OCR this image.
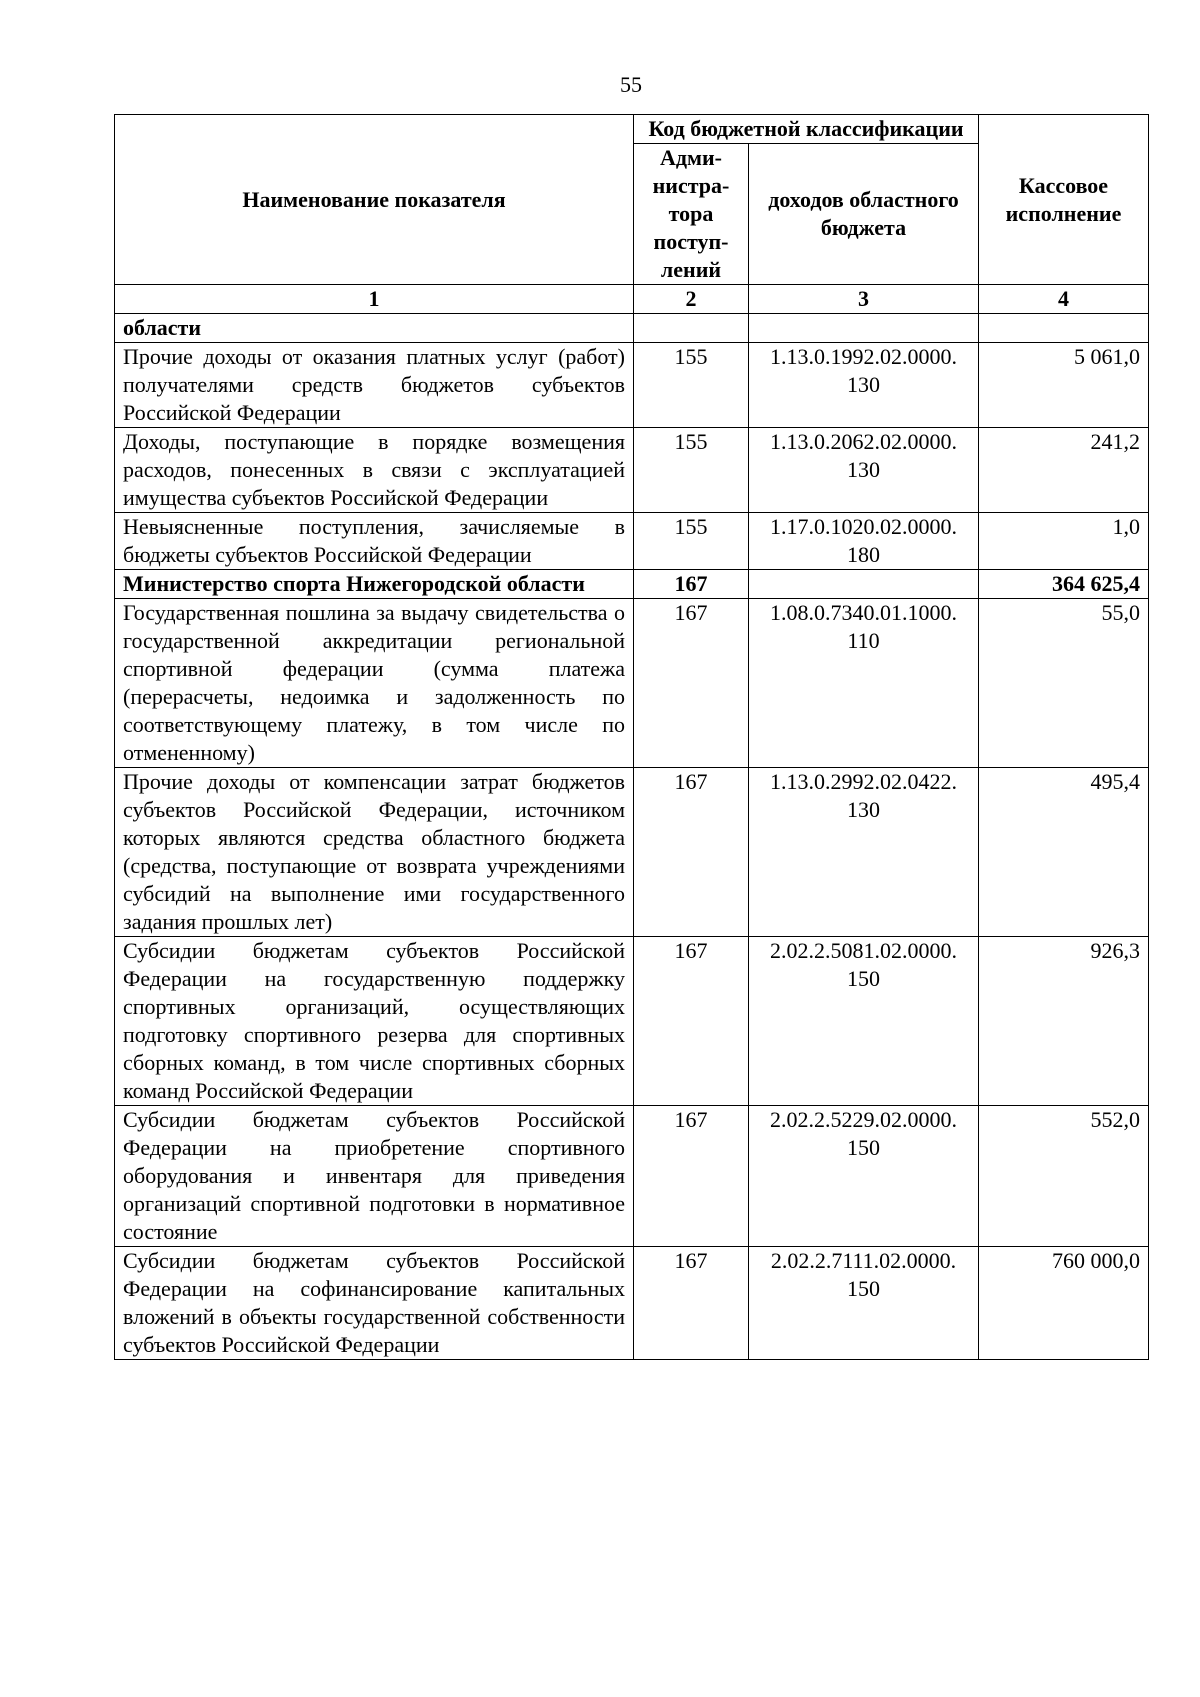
55
Наименование показателя	Код бюджетной классификации		Кассовое исполнение
	Адми-нистра-тора поступ-лений	доходов областного бюджета	
1	2	3	4
области			
Прочие доходы от оказания платных услуг (работ) получателями средств бюджетов субъектов Российской Федерации	155	1.13.0.1992.02.0000. 130	5 061,0
Доходы, поступающие в порядке возмещения расходов, понесенных в связи с эксплуатацией имущества субъектов Российской Федерации	155	1.13.0.2062.02.0000. 130	241,2
Невыясненные поступления, зачисляемые в бюджеты субъектов Российской Федерации	155	1.17.0.1020.02.0000. 180	1,0
Министерство спорта Нижегородской области	167		364 625,4
Государственная пошлина за выдачу свидетельства о государственной аккредитации региональной спортивной федерации (сумма платежа (перерасчеты, недоимка и задолженность по соответствующему платежу, в том числе по отмененному)	167	1.08.0.7340.01.1000. 110	55,0
Прочие доходы от компенсации затрат бюджетов субъектов Российской Федерации, источником которых являются средства областного бюджета (средства, поступающие от возврата учреждениями субсидий на выполнение ими государственного задания прошлых лет)	167	1.13.0.2992.02.0422. 130	495,4
Субсидии бюджетам субъектов Российской Федерации на государственную поддержку спортивных организаций, осуществляющих подготовку спортивного резерва для спортивных сборных команд, в том числе спортивных сборных команд Российской Федерации	167	2.02.2.5081.02.0000. 150	926,3
Субсидии бюджетам субъектов Российской Федерации на приобретение спортивного оборудования и инвентаря для приведения организаций спортивной подготовки в нормативное состояние	167	2.02.2.5229.02.0000. 150	552,0
Субсидии бюджетам субъектов Российской Федерации на софинансирование капитальных вложений в объекты государственной собственности субъектов Российской Федерации	167	2.02.2.7111.02.0000. 150	760 000,0
